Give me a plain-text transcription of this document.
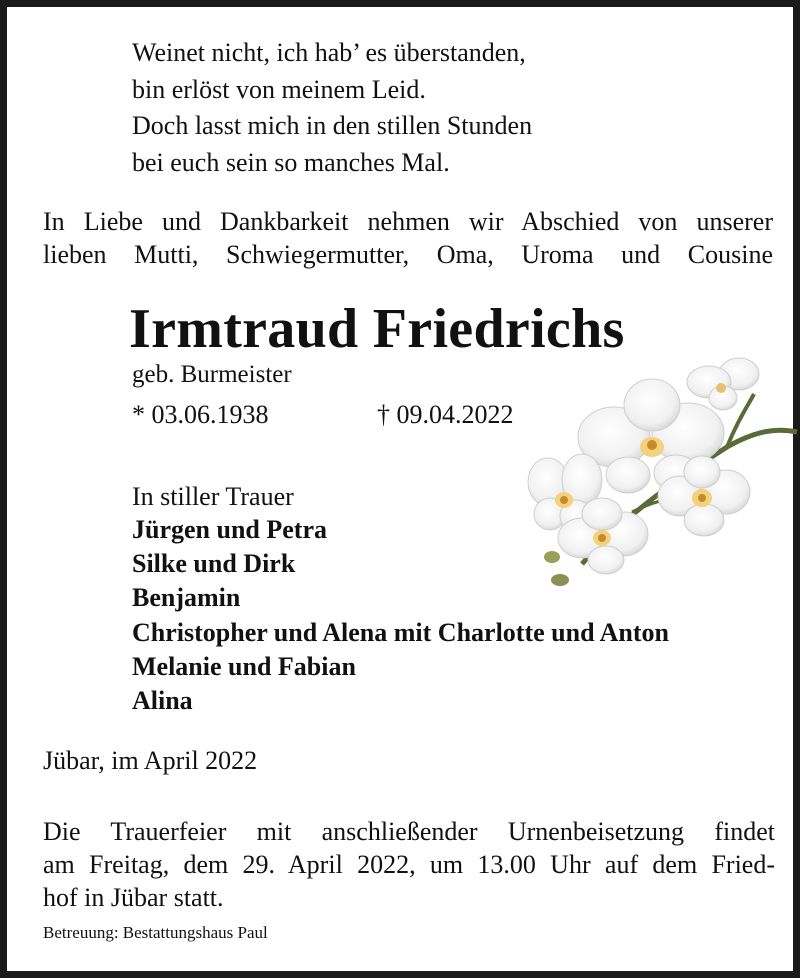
Weinet nicht, ich hab’ es überstanden,
bin erlöst von meinem Leid.
Doch lasst mich in den stillen Stunden
bei euch sein so manches Mal.
In Liebe und Dankbarkeit nehmen wir Abschied von unserer
lieben Mutti, Schwiegermutter, Oma, Uroma und Cousine
Irmtraud Friedrichs
geb. Burmeister
* 03.06.1938	† 09.04.2022
In stiller Trauer
Jürgen und Petra
Silke und Dirk
Benjamin
Christopher und Alena mit Charlotte und Anton
Melanie und Fabian
Alina
Jübar, im April 2022
Die Trauerfeier mit anschließender Urnenbeisetzung findet
am Freitag, dem 29. April 2022, um 13.00 Uhr auf dem Fried-
hof in Jübar statt.
Betreuung: Bestattungshaus Paul
